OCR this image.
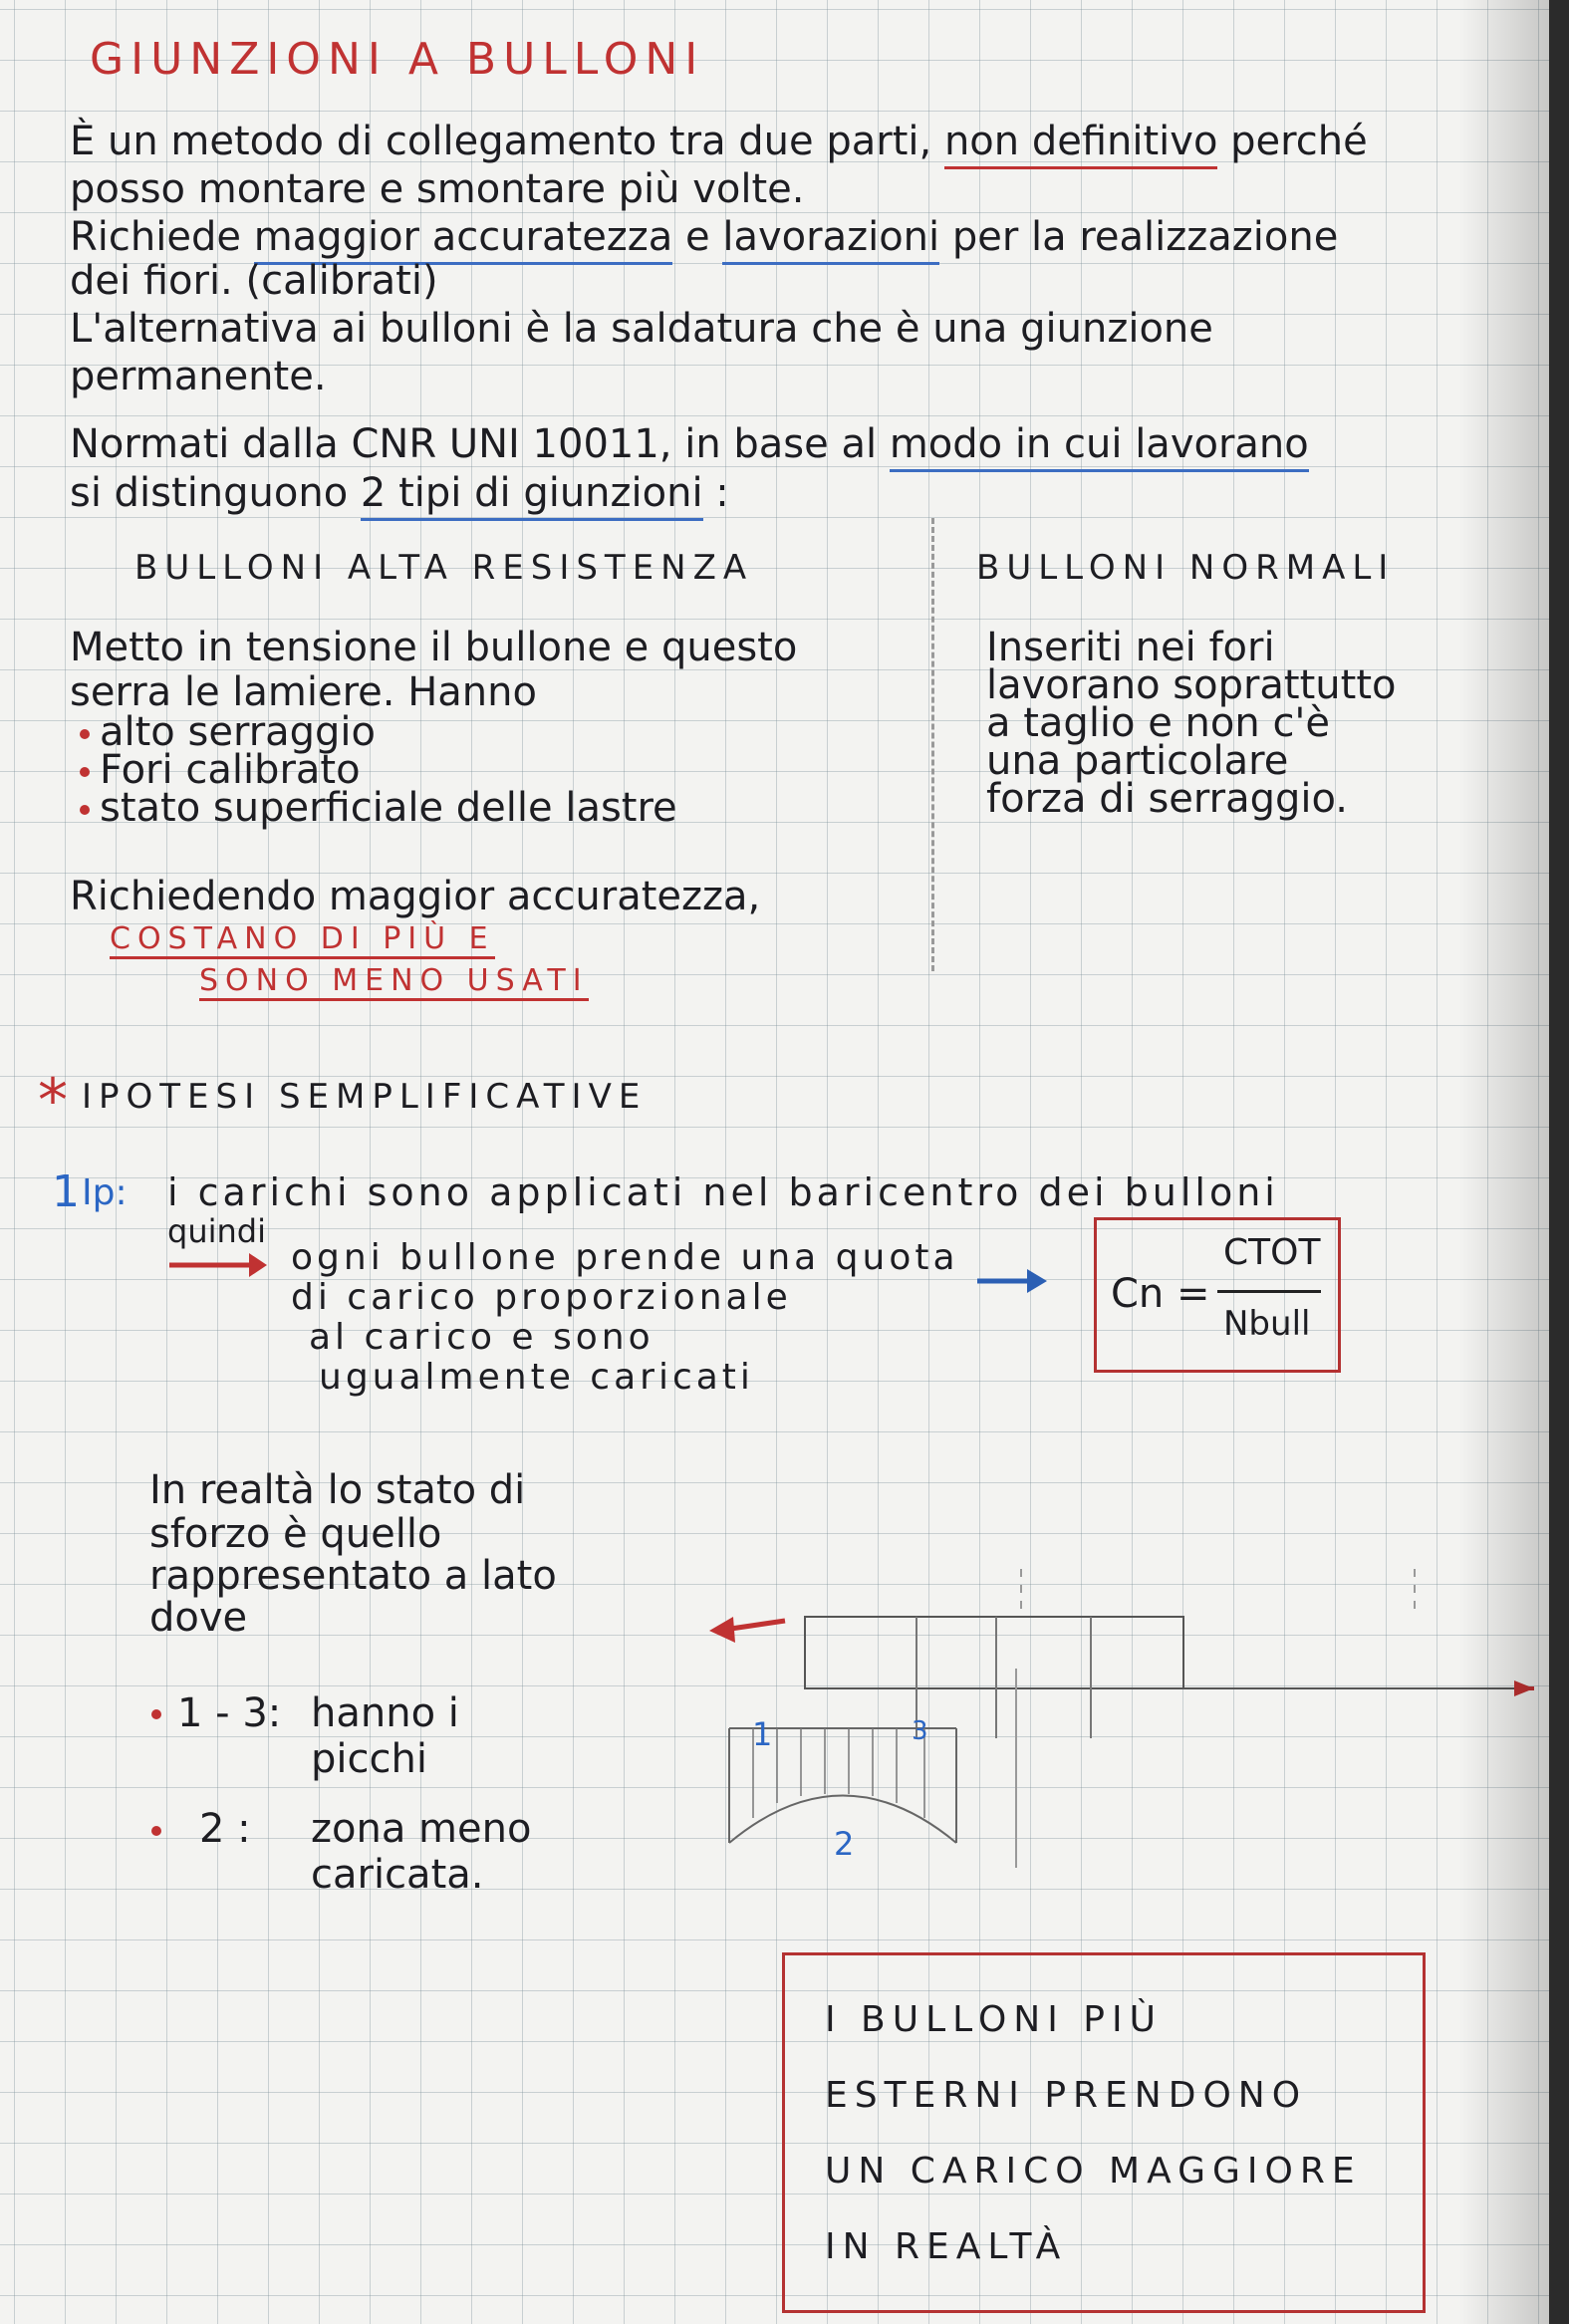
GIUNZIONI A BULLONI
È un metodo di collegamento tra due parti, non definitivo perché
posso montare e smontare più volte.
Richiede maggior accuratezza e lavorazioni per la realizzazione
dei fiori. (calibrati)
L'alternativa ai bulloni è la saldatura che è una giunzione
permanente.
Normati dalla CNR UNI 10011, in base al modo in cui lavorano
si distinguono 2 tipi di giunzioni :
BULLONI ALTA RESISTENZA
Metto in tensione il bullone e questo
serra le lamiere. Hanno
alto serraggio
Fori calibrato
stato superficiale delle lastre
Richiedendo maggior accuratezza,
COSTANO DI PIÙ E
SONO MENO USATI
BULLONI NORMALI
Inseriti nei fori
lavorano soprattutto
a taglio e non c'è
una particolare
forza di serraggio.
* IPOTESI SEMPLIFICATIVE
1 Ip: i carichi sono applicati nel baricentro dei bulloni
quindi
ogni bullone prende una quota
di carico proporzionale
al carico e sono
ugualmente caricati
Cn =
CTOT
Nbull
In realtà lo stato di
sforzo è quello
rappresentato a lato
dove
1 - 3: hanno i
picchi
2 : zona meno
caricata.
1
2
3
I BULLONI PIÙ
ESTERNI PRENDONO
UN CARICO MAGGIORE
IN REALTÀ
